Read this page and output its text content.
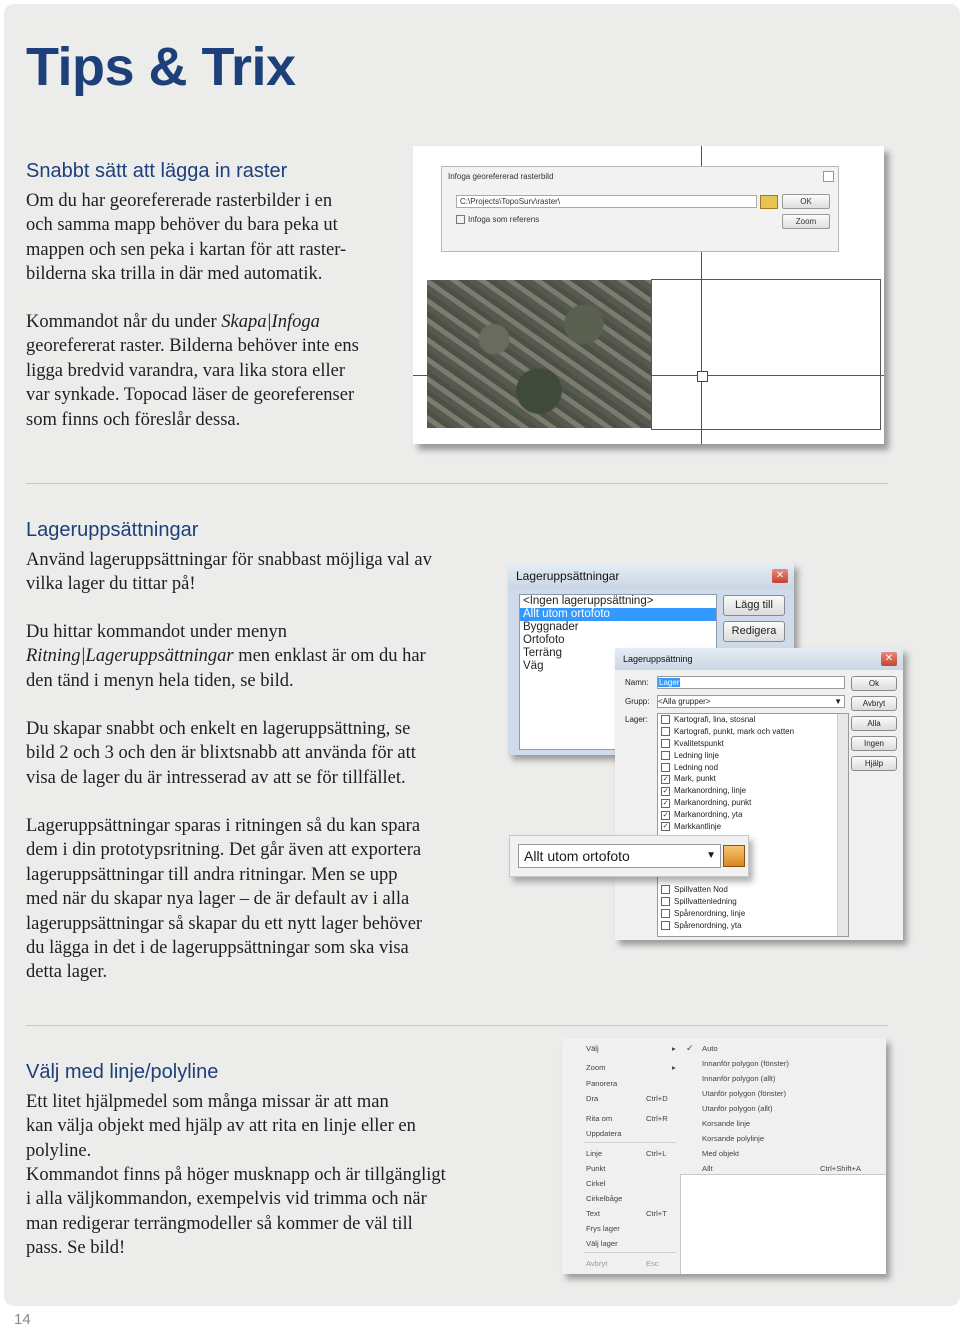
Tips & Trix
Snabbt sätt att lägga in raster

Om du har georefererade rasterbilder i en
och samma mapp behöver du bara peka ut
mappen och sen peka i kartan för att raster-
bilderna ska trilla in där med automatik.

Kommandot når du under Skapa|Infoga
georefererat raster. Bilderna behöver inte ens
ligga bredvid varandra, vara lika stora eller
var synkade. Topocad läser de georeferenser
som finns och föreslår dessa.

Infoga georefererad rasterbild
C:\Projects\TopoSurv\raster\
Infoga som referens
OK
Zoom
Lageruppsättningar

Använd lageruppsättningar för snabbast möjliga val av
vilka lager du tittar på!

Du hittar kommandot under menyn
Ritning|Lageruppsättningar men enklast är om du har
den tänd i menyn hela tiden, se bild.

Du skapar snabbt och enkelt en lageruppsättning, se
bild 2 och 3 och den är blixtsnabb att använda för att
visa de lager du är intresserad av att se för tillfället.

Lageruppsättningar sparas i ritningen så du kan spara
dem i din prototypsritning. Det går även att exportera
lageruppsättningar till andra ritningar. Men se upp
med när du skapar nya lager – de är default av i alla
lageruppsättningar så skapar du ett nytt lager behöver
du lägga in det i de lageruppsättningar som ska visa
detta lager.

Lageruppsättningar	✕
<Ingen lageruppsättning>
Allt utom ortofoto
Byggnader
Ortofoto
Terräng
Väg
Lägg till
Redigera
Lageruppsättning	✕
Namn: Lager
Grupp: <Alla grupper>	▼
Lager:	Kartografi, lina, stosnal
Kartografi, punkt, mark och vatten
Kvalitetspunkt
Ledning linje
Ledning nod
✓ Mark, punkt
✓ Markanordning, linje
✓ Markanordning, punkt
✓ Markanordning, yta
✓ Markkantlinje
Spillvatten Nod
Spillvattenledning
Spårenordning, linje
Spårenordning, yta
Ok
Avbryt
Alla
Ingen
Hjälp
Allt utom ortofoto	▼
Välj med linje/polyline

Ett litet hjälpmedel som många missar är att man
kan välja objekt med hjälp av att rita en linje eller en
polyline.

Kommandot finns på höger musknapp och är tillgängligt
i alla väljkommandon, exempelvis vid trimma och när
man redigerar terrängmodeller så kommer de väl till
pass. Se bild!

Välj	▸
Zoom	▸
Panorera
Dra	Ctrl+D
Rita om	Ctrl+R
Uppdatera
Linje	Ctrl+L
Punkt
Cirkel
Cirkelbåge
Text	Ctrl+T
Frys lager
Välj lager
Avbryt	Esc
✓ Auto
Innanför polygon (fönster)
Innanför polygon (allt)
Utanför polygon (fönster)
Utanför polygon (allt)
Korsande linje
Korsande polylinje
Med objekt
Allt	Ctrl+Shift+A
14
